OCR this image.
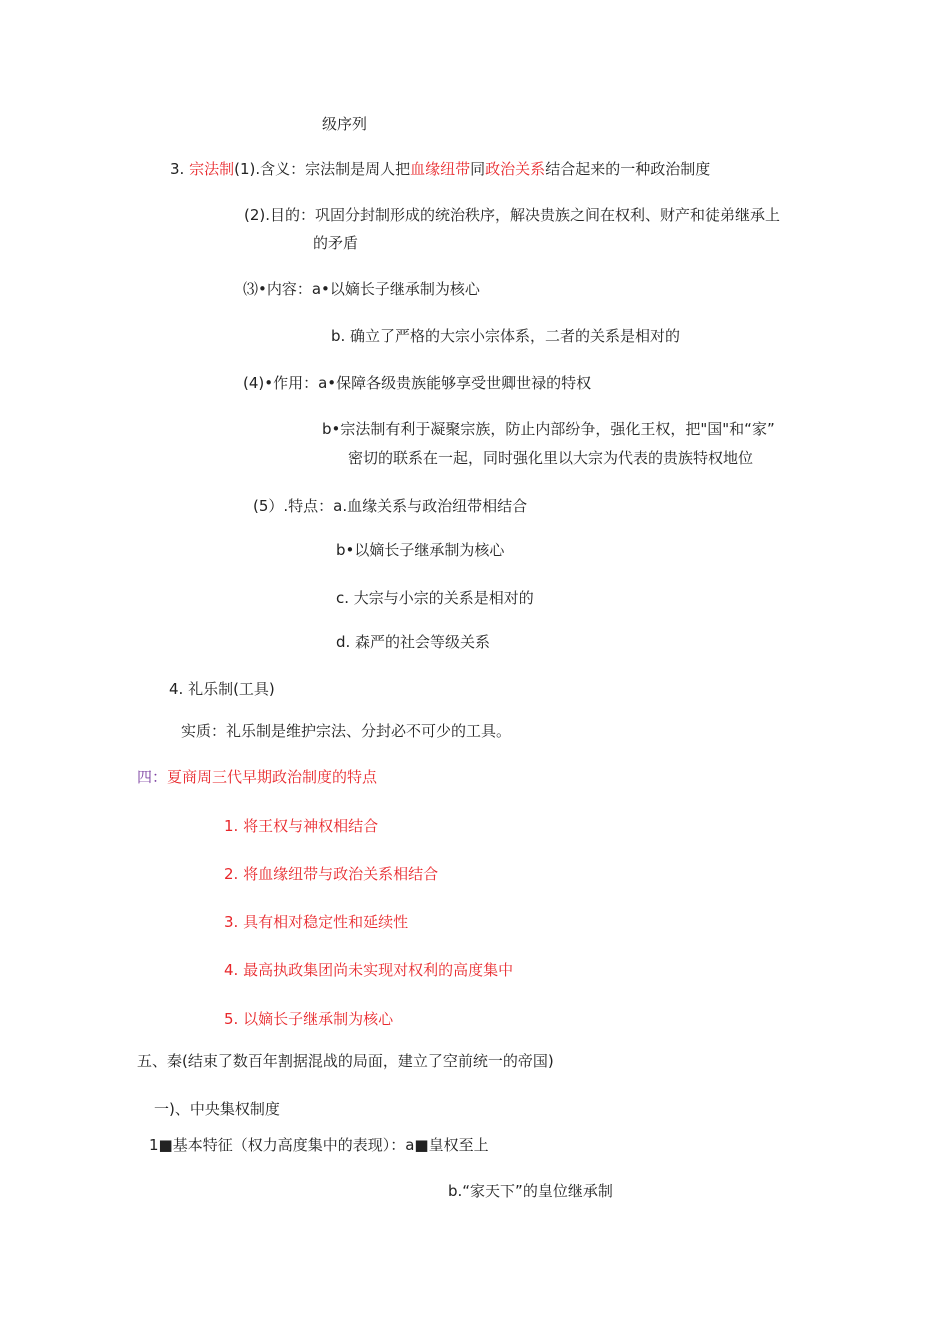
级序列
3. 宗法制(1).含义：宗法制是周人把血缘纽带同政治关系结合起来的一种政治制度
(2).目的：巩固分封制形成的统治秩序，解决贵族之间在权利、财产和徒弟继承上
的矛盾
⑶•内容：a•以嫡长子继承制为核心
b. 确立了严格的大宗小宗体系，二者的关系是相对的
(4)•作用：a•保障各级贵族能够享受世卿世禄的特权
b•宗法制有利于凝聚宗族，防止内部纷争，强化王权，把"国"和“家”
密切的联系在一起，同时强化里以大宗为代表的贵族特权地位
(5）.特点：a.血缘关系与政治纽带相结合
b•以嫡长子继承制为核心
c. 大宗与小宗的关系是相对的
d. 森严的社会等级关系
4. 礼乐制(工具)
实质：礼乐制是维护宗法、分封必不可少的工具。
四：夏商周三代早期政治制度的特点
1. 将王权与神权相结合
2. 将血缘纽带与政治关系相结合
3. 具有相对稳定性和延续性
4. 最高执政集团尚未实现对权利的高度集中
5. 以嫡长子继承制为核心
五、秦(结束了数百年割据混战的局面，建立了空前统一的帝国)
一)、中央集权制度
1■基本特征（权力高度集中的表现）：a■皇权至上
b.“家天下”的皇位继承制
